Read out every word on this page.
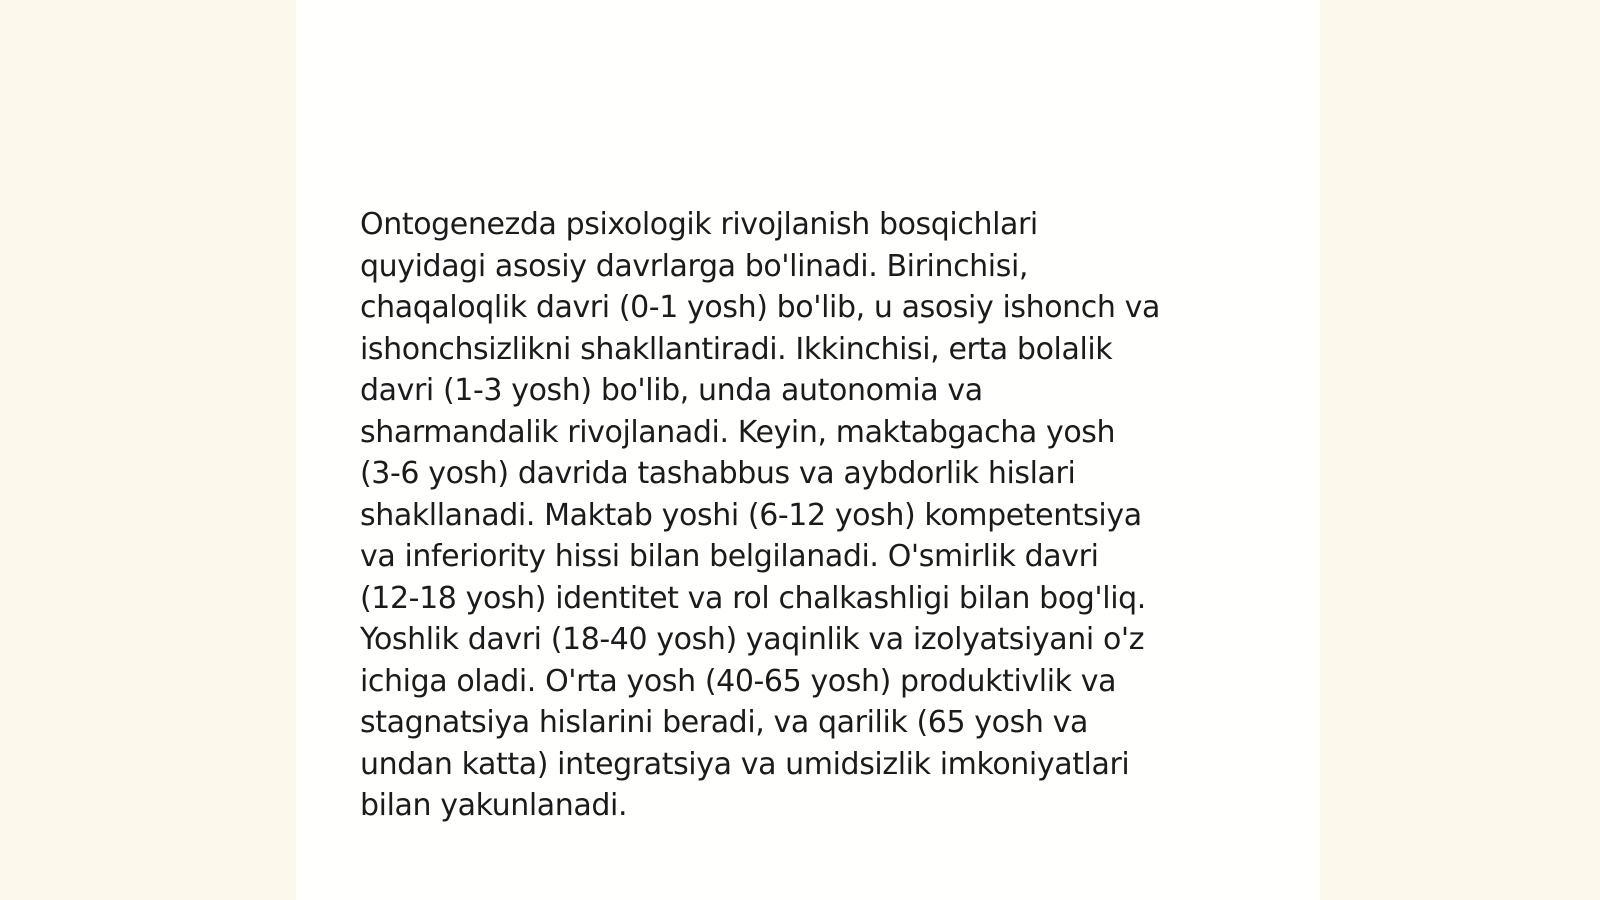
Ontogenezda psixologik rivojlanish bosqichlari
quyidagi asosiy davrlarga bo'linadi. Birinchisi,
chaqaloqlik davri (0-1 yosh) bo'lib, u asosiy ishonch va
ishonchsizlikni shakllantiradi. Ikkinchisi, erta bolalik
davri (1-3 yosh) bo'lib, unda autonomia va
sharmandalik rivojlanadi. Keyin, maktabgacha yosh
(3-6 yosh) davrida tashabbus va aybdorlik hislari
shakllanadi. Maktab yoshi (6-12 yosh) kompetentsiya
va inferiority hissi bilan belgilanadi. O'smirlik davri
(12-18 yosh) identitet va rol chalkashligi bilan bog'liq.
Yoshlik davri (18-40 yosh) yaqinlik va izolyatsiyani o'z
ichiga oladi. O'rta yosh (40-65 yosh) produktivlik va
stagnatsiya hislarini beradi, va qarilik (65 yosh va
undan katta) integratsiya va umidsizlik imkoniyatlari
bilan yakunlanadi.
